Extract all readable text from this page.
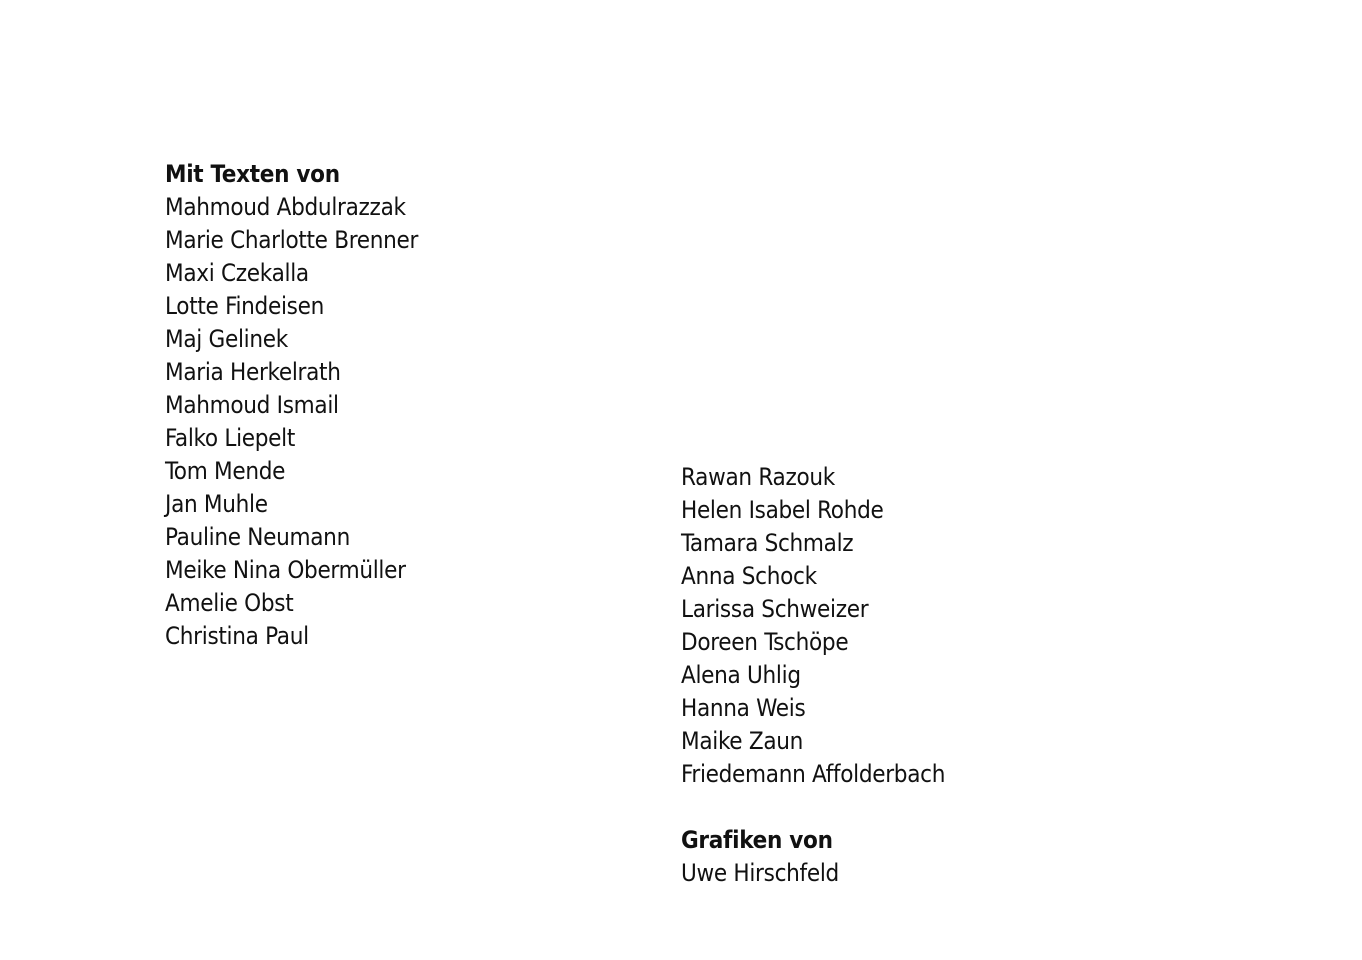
Mit Texten von
Mahmoud Abdulrazzak
Marie Charlotte Brenner
Maxi Czekalla
Lotte Findeisen
Maj Gelinek
Maria Herkelrath
Mahmoud Ismail
Falko Liepelt
Tom Mende
Jan Muhle
Pauline Neumann
Meike Nina Obermüller
Amelie Obst
Christina Paul
Rawan Razouk
Helen Isabel Rohde
Tamara Schmalz
Anna Schock
Larissa Schweizer
Doreen Tschöpe
Alena Uhlig
Hanna Weis
Maike Zaun
Friedemann Affolderbach
Grafiken von
Uwe Hirschfeld
